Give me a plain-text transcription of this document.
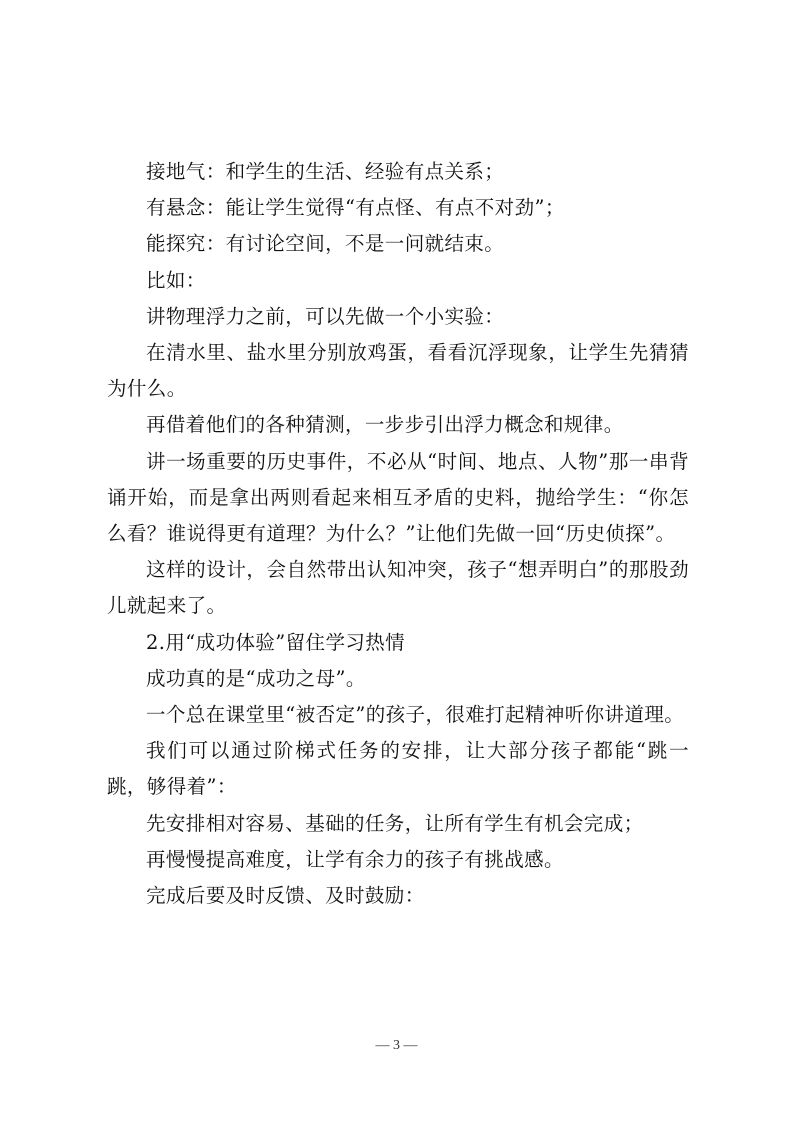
接地气：和学生的生活、经验有点关系；

有悬念：能让学生觉得“有点怪、有点不对劲”；

能探究：有讨论空间，不是一问就结束。

比如：

讲物理浮力之前，可以先做一个小实验：

在清水里、盐水里分别放鸡蛋，看看沉浮现象，让学生先猜猜为什么。

再借着他们的各种猜测，一步步引出浮力概念和规律。

讲一场重要的历史事件，不必从“时间、地点、人物”那一串背诵开始，而是拿出两则看起来相互矛盾的史料，抛给学生：“你怎么看？谁说得更有道理？为什么？”让他们先做一回“历史侦探”。

这样的设计，会自然带出认知冲突，孩子“想弄明白”的那股劲儿就起来了。

2.用“成功体验”留住学习热情

成功真的是“成功之母”。

一个总在课堂里“被否定”的孩子，很难打起精神听你讲道理。

我们可以通过阶梯式任务的安排，让大部分孩子都能“跳一跳，够得着”：

先安排相对容易、基础的任务，让所有学生有机会完成；

再慢慢提高难度，让学有余力的孩子有挑战感。

完成后要及时反馈、及时鼓励：

— 3 —
